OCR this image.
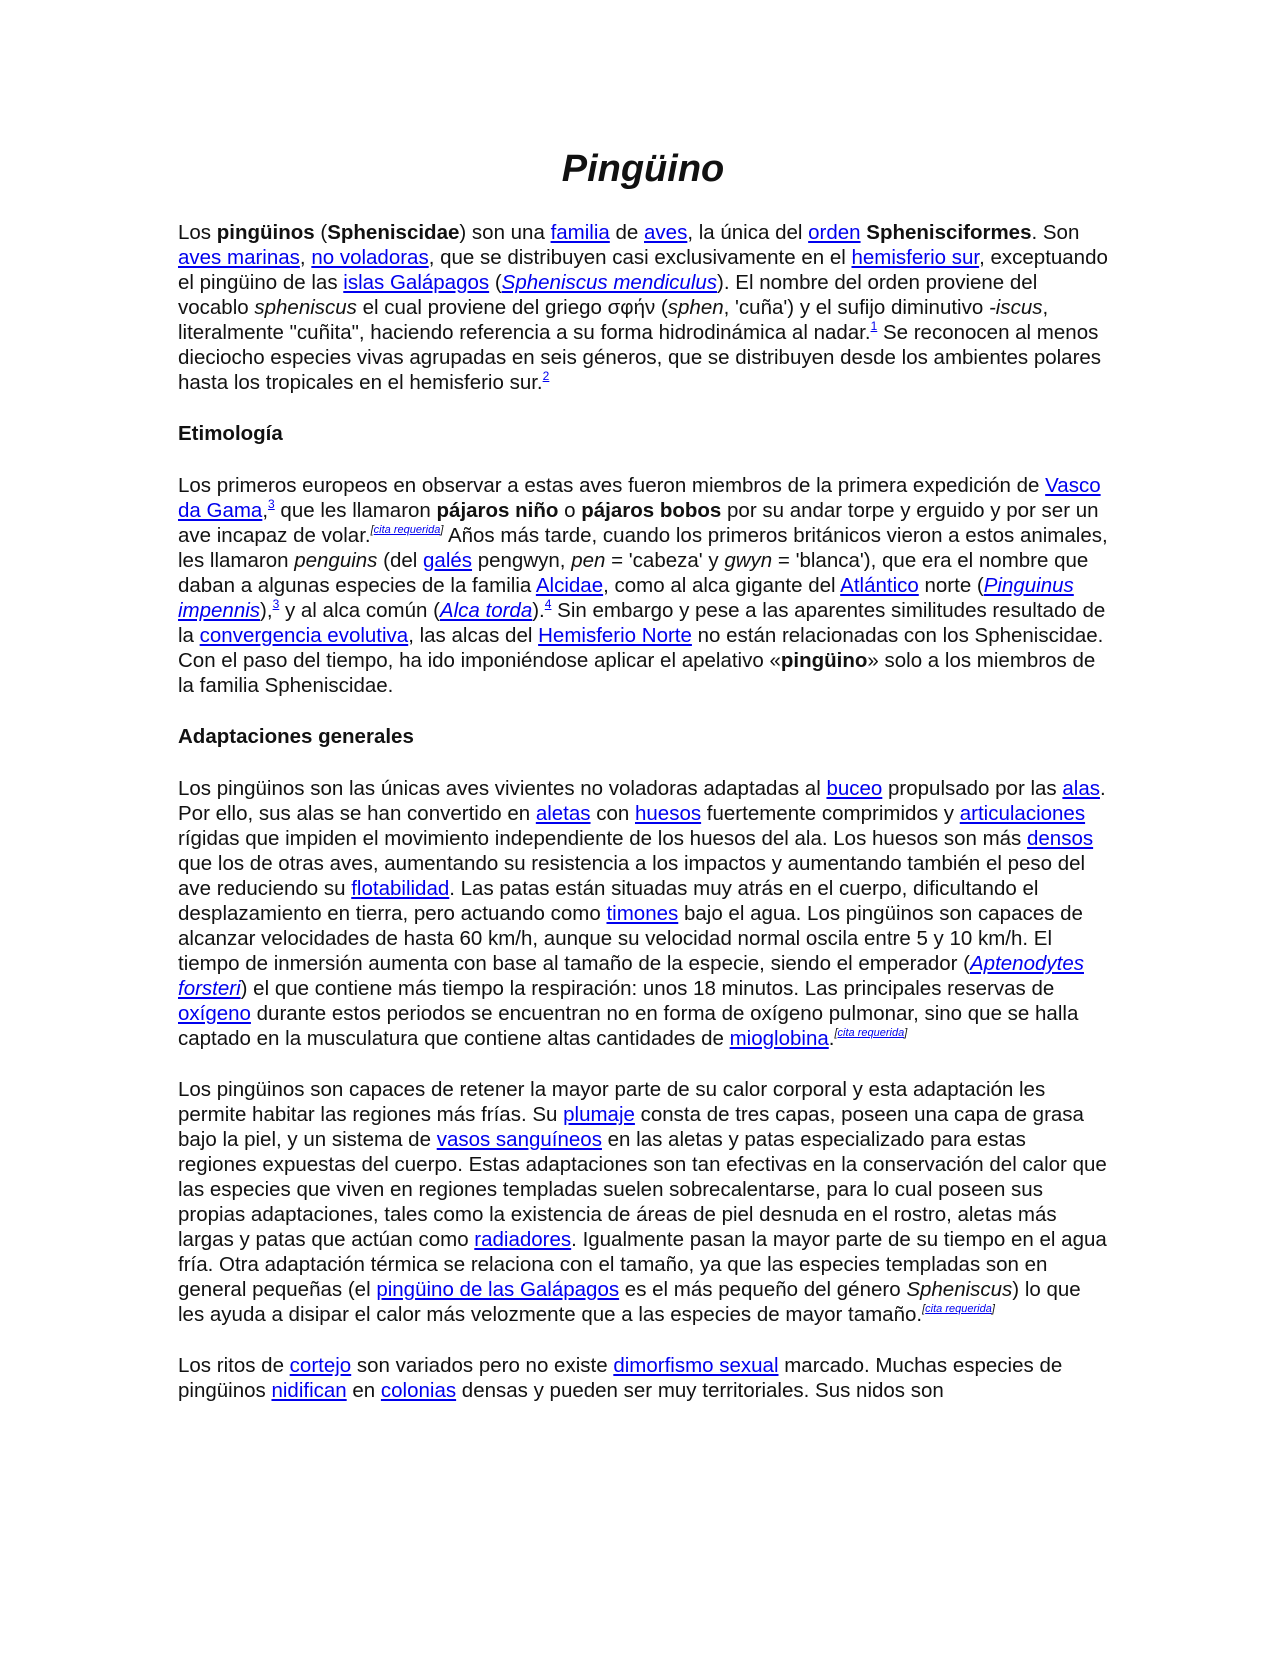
Pingüino

Los pingüinos (Spheniscidae) son una familia de aves, la única del orden Sphenisciformes. Son aves marinas, no voladoras, que se distribuyen casi exclusivamente en el hemisferio sur, exceptuando el pingüino de las islas Galápagos (Spheniscus mendiculus). El nombre del orden proviene del vocablo spheniscus el cual proviene del griego σφήν (sphen, 'cuña') y el sufijo diminutivo -iscus, literalmente "cuñita", haciendo referencia a su forma hidrodinámica al nadar.$^1$ Se reconocen al menos dieciocho especies vivas agrupadas en seis géneros, que se distribuyen desde los ambientes polares hasta los tropicales en el hemisferio sur.$^2$

Etimología

Los primeros europeos en observar a estas aves fueron miembros de la primera expedición de Vasco da Gama,$^3$ que les llamaron pájaros niño o pájaros bobos por su andar torpe y erguido y por ser un ave incapaz de volar.[cita requerida] Años más tarde, cuando los primeros británicos vieron a estos animales, les llamaron penguins (del galés pengwyn, pen = 'cabeza' y gwyn = 'blanca'), que era el nombre que daban a algunas especies de la familia Alcidae, como al alca gigante del Atlántico norte (Pinguinus impennis),$^3$ y al alca común (Alca torda).$^4$ Sin embargo y pese a las aparentes similitudes resultado de la convergencia evolutiva, las alcas del Hemisferio Norte no están relacionadas con los Spheniscidae. Con el paso del tiempo, ha ido imponiéndose aplicar el apelativo «pingüino» solo a los miembros de la familia Spheniscidae.

Adaptaciones generales

Los pingüinos son las únicas aves vivientes no voladoras adaptadas al buceo propulsado por las alas. Por ello, sus alas se han convertido en aletas con huesos fuertemente comprimidos y articulaciones rígidas que impiden el movimiento independiente de los huesos del ala. Los huesos son más densos que los de otras aves, aumentando su resistencia a los impactos y aumentando también el peso del ave reduciendo su flotabilidad. Las patas están situadas muy atrás en el cuerpo, dificultando el desplazamiento en tierra, pero actuando como timones bajo el agua. Los pingüinos son capaces de alcanzar velocidades de hasta 60 km/h, aunque su velocidad normal oscila entre 5 y 10 km/h. El tiempo de inmersión aumenta con base al tamaño de la especie, siendo el emperador (Aptenodytes forsteri) el que contiene más tiempo la respiración: unos 18 minutos. Las principales reservas de oxígeno durante estos periodos se encuentran no en forma de oxígeno pulmonar, sino que se halla captado en la musculatura que contiene altas cantidades de mioglobina.[cita requerida]

Los pingüinos son capaces de retener la mayor parte de su calor corporal y esta adaptación les permite habitar las regiones más frías. Su plumaje consta de tres capas, poseen una capa de grasa bajo la piel, y un sistema de vasos sanguíneos en las aletas y patas especializado para estas regiones expuestas del cuerpo. Estas adaptaciones son tan efectivas en la conservación del calor que las especies que viven en regiones templadas suelen sobrecalentarse, para lo cual poseen sus propias adaptaciones, tales como la existencia de áreas de piel desnuda en el rostro, aletas más largas y patas que actúan como radiadores. Igualmente pasan la mayor parte de su tiempo en el agua fría. Otra adaptación térmica se relaciona con el tamaño, ya que las especies templadas son en general pequeñas (el pingüino de las Galápagos es el más pequeño del género Spheniscus) lo que les ayuda a disipar el calor más velozmente que a las especies de mayor tamaño.[cita requerida]

Los ritos de cortejo son variados pero no existe dimorfismo sexual marcado. Muchas especies de pingüinos nidifican en colonias densas y pueden ser muy territoriales. Sus nidos son
